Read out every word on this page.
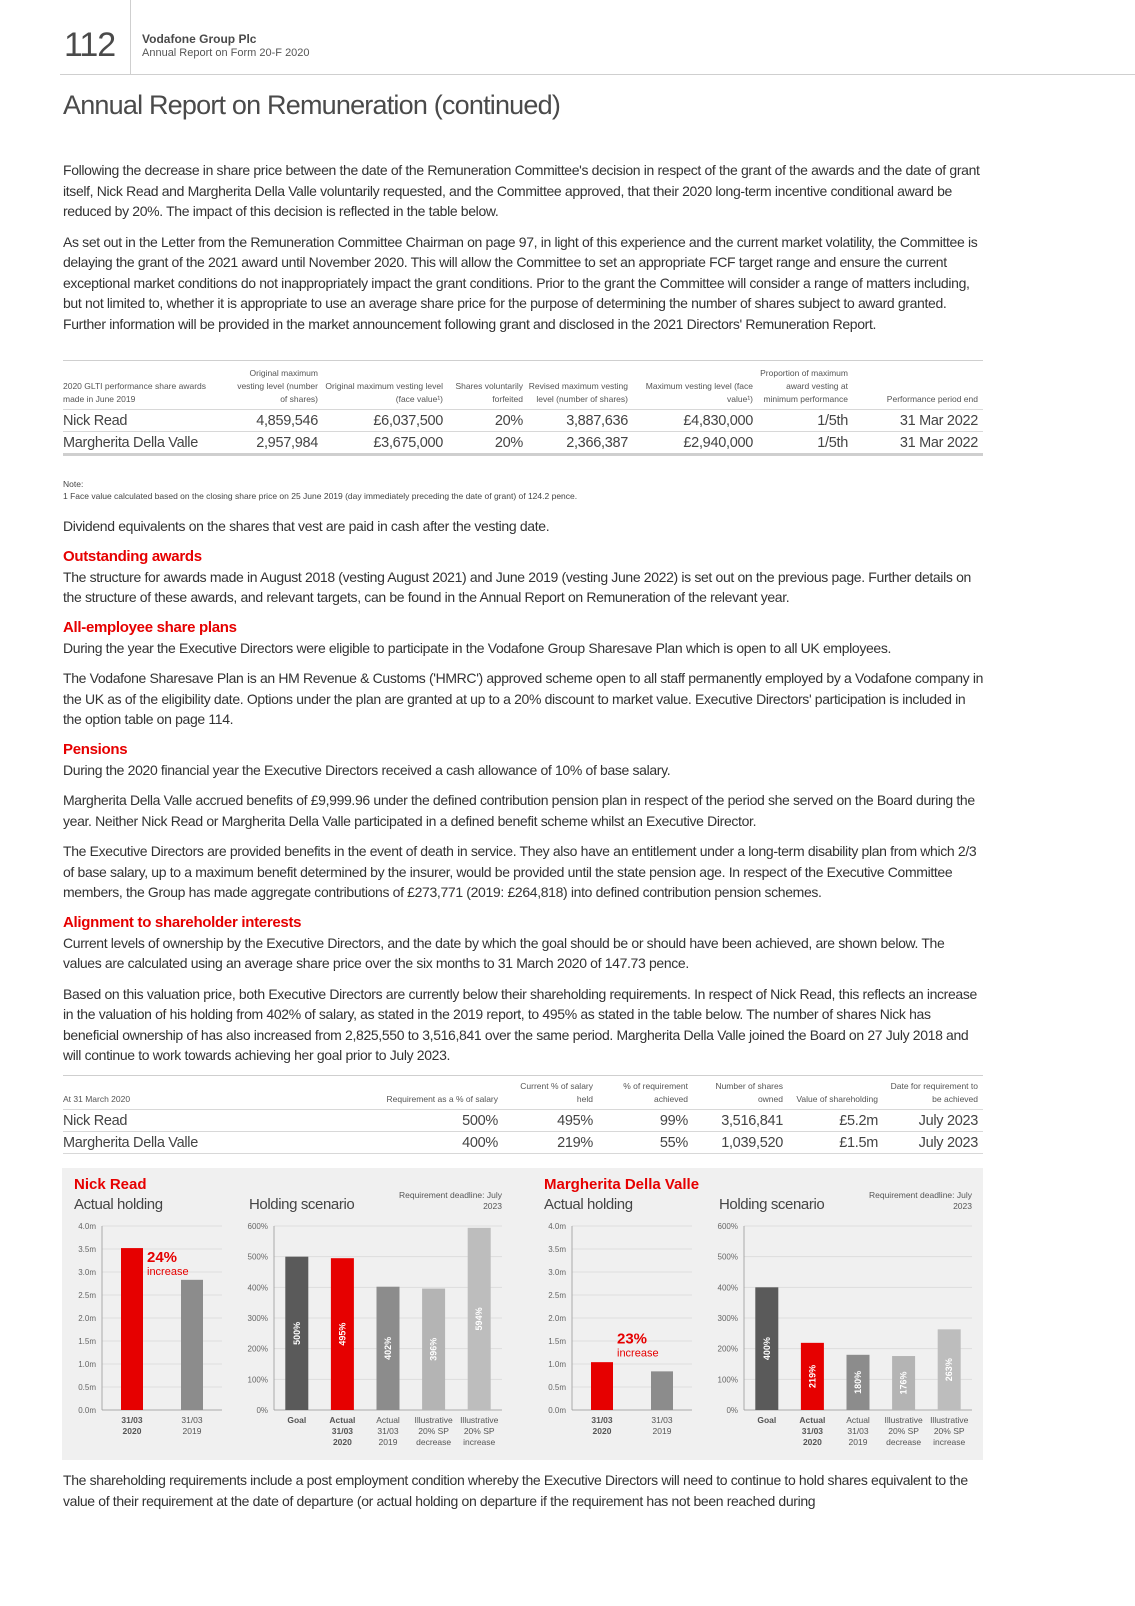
112 Vodafone Group Plc
Annual Report on Form 20-F 2020
Annual Report on Remuneration (continued)

Following the decrease in share price between the date of the Remuneration Committee's decision in respect of the grant of the awards and the date of grant itself, Nick Read and Margherita Della Valle voluntarily requested, and the Committee approved, that their 2020 long-term incentive conditional award be reduced by 20%. The impact of this decision is reflected in the table below.

As set out in the Letter from the Remuneration Committee Chairman on page 97, in light of this experience and the current market volatility, the Committee is delaying the grant of the 2021 award until November 2020. This will allow the Committee to set an appropriate FCF target range and ensure the current exceptional market conditions do not inappropriately impact the grant conditions. Prior to the grant the Committee will consider a range of matters including, but not limited to, whether it is appropriate to use an average share price for the purpose of determining the number of shares subject to award granted. Further information will be provided in the market announcement following grant and disclosed in the 2021 Directors' Remuneration Report.

2020 GLTI performance share awards made in June 2019	Original maximum vesting level (number of shares)	Original maximum vesting level (face value¹)	Shares voluntarily forfeited	Revised maximum vesting level (number of shares)	Maximum vesting level (face value¹)	Proportion of maximum award vesting at minimum performance	Performance period end
Nick Read	4,859,546	£6,037,500	20%	3,887,636	£4,830,000	1/5th	31 Mar 2022
Margherita Della Valle	2,957,984	£3,675,000	20%	2,366,387	£2,940,000	1/5th	31 Mar 2022
Note:
1 Face value calculated based on the closing share price on 25 June 2019 (day immediately preceding the date of grant) of 124.2 pence.

Dividend equivalents on the shares that vest are paid in cash after the vesting date.

Outstanding awards

The structure for awards made in August 2018 (vesting August 2021) and June 2019 (vesting June 2022) is set out on the previous page. Further details on the structure of these awards, and relevant targets, can be found in the Annual Report on Remuneration of the relevant year.

All-employee share plans

During the year the Executive Directors were eligible to participate in the Vodafone Group Sharesave Plan which is open to all UK employees.

The Vodafone Sharesave Plan is an HM Revenue & Customs ('HMRC') approved scheme open to all staff permanently employed by a Vodafone company in the UK as of the eligibility date. Options under the plan are granted at up to a 20% discount to market value. Executive Directors' participation is included in the option table on page 114.

Pensions

During the 2020 financial year the Executive Directors received a cash allowance of 10% of base salary.

Margherita Della Valle accrued benefits of £9,999.96 under the defined contribution pension plan in respect of the period she served on the Board during the year. Neither Nick Read or Margherita Della Valle participated in a defined benefit scheme whilst an Executive Director.

The Executive Directors are provided benefits in the event of death in service. They also have an entitlement under a long-term disability plan from which 2/3 of base salary, up to a maximum benefit determined by the insurer, would be provided until the state pension age. In respect of the Executive Committee members, the Group has made aggregate contributions of £273,771 (2019: £264,818) into defined contribution pension schemes.

Alignment to shareholder interests

Current levels of ownership by the Executive Directors, and the date by which the goal should be or should have been achieved, are shown below. The values are calculated using an average share price over the six months to 31 March 2020 of 147.73 pence.

Based on this valuation price, both Executive Directors are currently below their shareholding requirements. In respect of Nick Read, this reflects an increase in the valuation of his holding from 402% of salary, as stated in the 2019 report, to 495% as stated in the table below. The number of shares Nick has beneficial ownership of has also increased from 2,825,550 to 3,516,841 over the same period. Margherita Della Valle joined the Board on 27 July 2018 and will continue to work towards achieving her goal prior to July 2023.

At 31 March 2020	Requirement as a % of salary	Current % of salary held	% of requirement achieved	Number of shares owned	Value of shareholding	Date for requirement to be achieved
Nick Read	500%	495%	99%	3,516,841	£5.2m	July 2023
Margherita Della Valle	400%	219%	55%	1,039,520	£1.5m	July 2023
Nick Read
Actual holding	Holding scenario
Requirement deadline: July 2023
Margherita Della Valle
Actual holding	Holding scenario
Requirement deadline: July 2023
0.0m
0.5m
1.0m
1.5m
2.0m
2.5m
3.0m
3.5m
4.0m
31/03
2020
31/03
2019
24%
increase
0%
100%
200%
300%
400%
500%
600%
Goal
500%
Actual
31/03
2020
495%
Actual
31/03
2019
402%
Illustrative
20% SP
decrease
396%
Illustrative
20% SP
increase
594%
0.0m
0.5m
1.0m
1.5m
2.0m
2.5m
3.0m
3.5m
4.0m
31/03
2020
31/03
2019
23%
increase
0%
100%
200%
300%
400%
500%
600%
Goal
400%
Actual
31/03
2020
219%
Actual
31/03
2019
180%
Illustrative
20% SP
decrease
176%
Illustrative
20% SP
increase
263%

The shareholding requirements include a post employment condition whereby the Executive Directors will need to continue to hold shares equivalent to the value of their requirement at the date of departure (or actual holding on departure if the requirement has not been reached during
